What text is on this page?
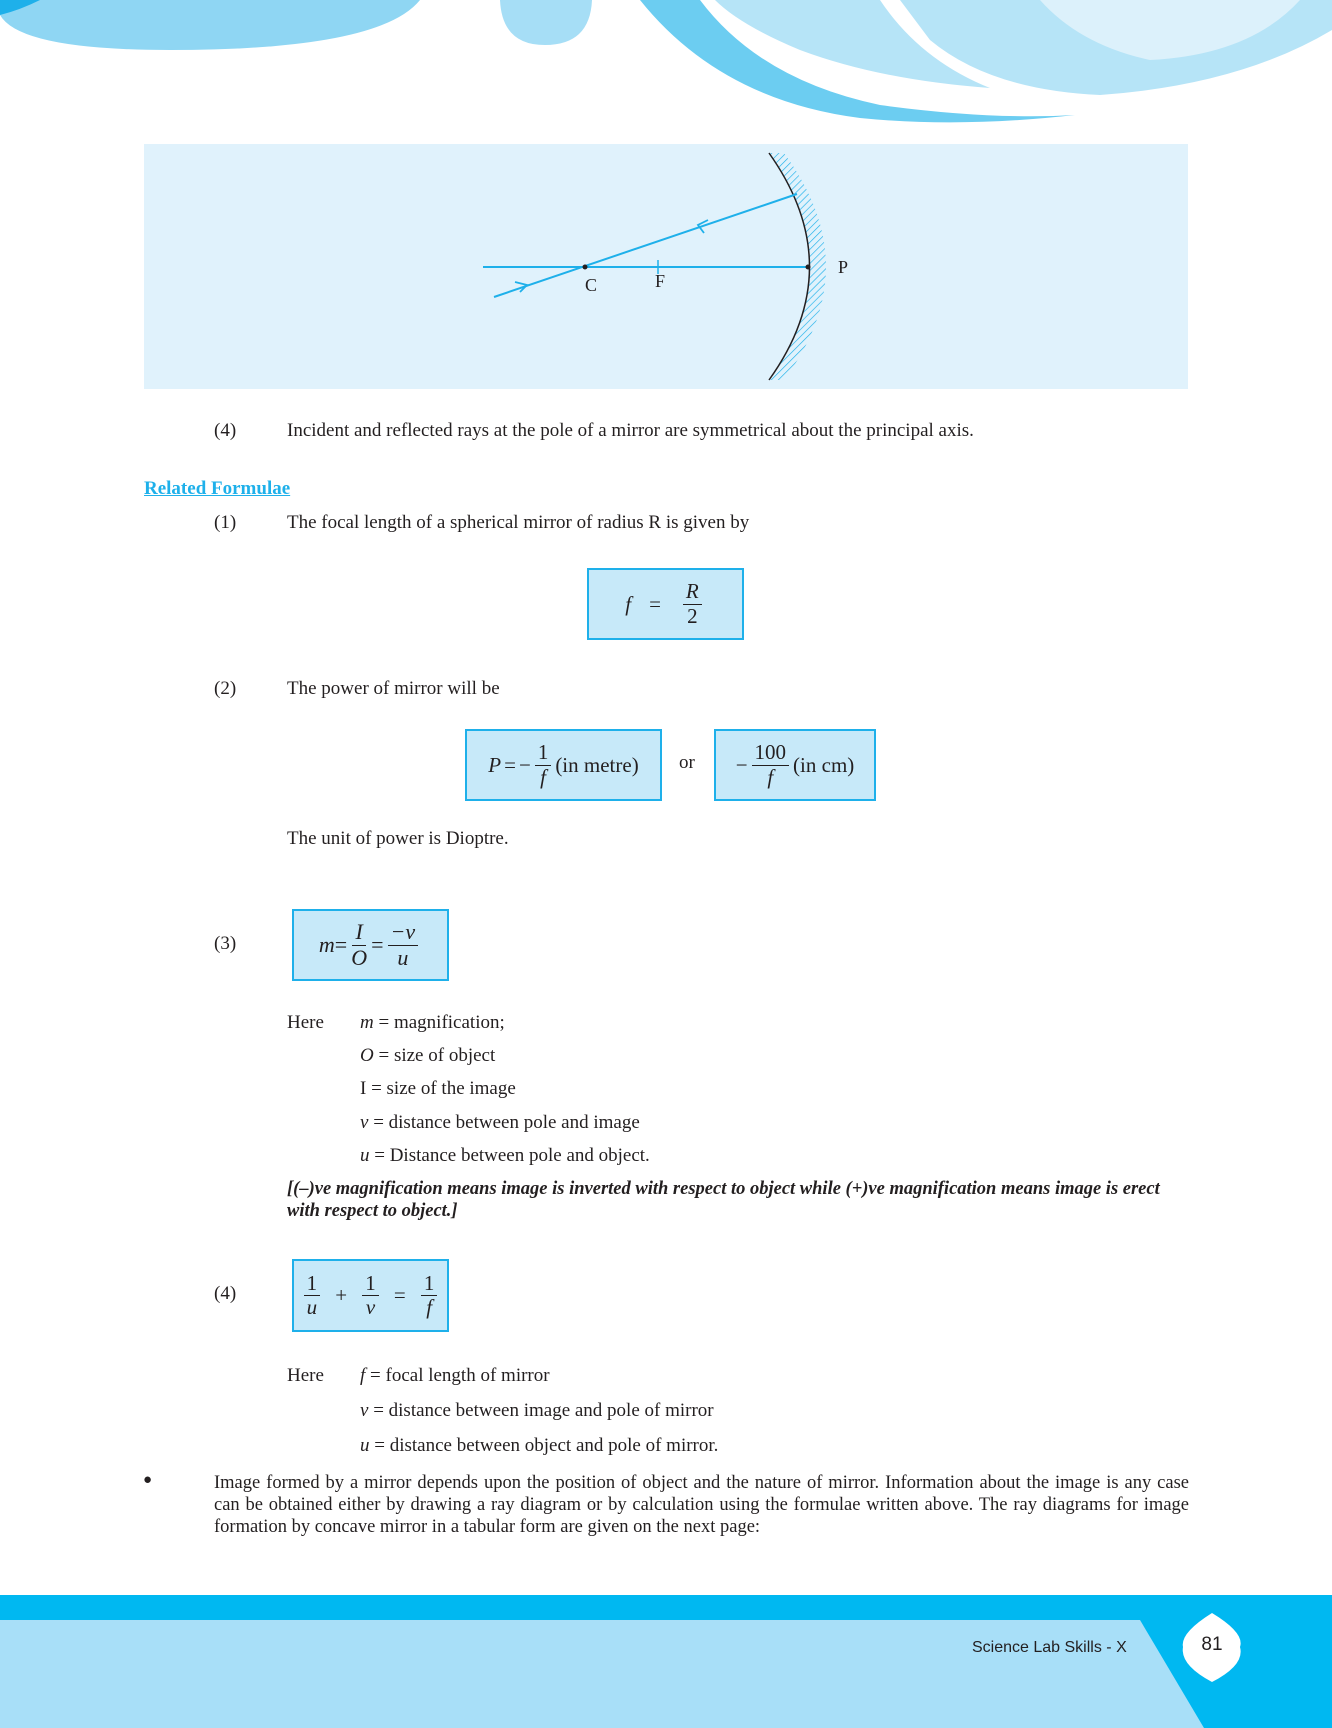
C	F
P
(4)	Incident and reflected rays at the pole of a mirror are symmetrical about the principal axis.
Related Formulae
(1)	The focal length of a spherical mirror of radius R is given by
$f = \frac{R}{2}$
(2)	The power of mirror will be
P = − $\frac{1}{f} (in$ metre) or − $\frac{100}{f} (in$ cm)
The unit of power is Dioptre.
(3)	$m = \frac{I}{O} = \frac{-v}{u}$
Here m = magnification;
O = size of object
I = size of the image
v = distance between pole and image
u = Distance between pole and object.
[(–)ve magnification means image is inverted with respect to object while (+)ve magnification means image is erect with respect to object.]
(4)	$\frac{1}{u} + \frac{1}{v} = \frac{1}{f}$
Here f = focal length of mirror
v = distance between image and pole of mirror
u = distance between object and pole of mirror.
●	Image formed by a mirror depends upon the position of object and the nature of mirror. Information about the image is any case can be obtained either by drawing a ray diagram or by calculation using the formulae written above. The ray diagrams for image formation by concave mirror in a tabular form are given on the next page:
Science Lab Skills - X	81
